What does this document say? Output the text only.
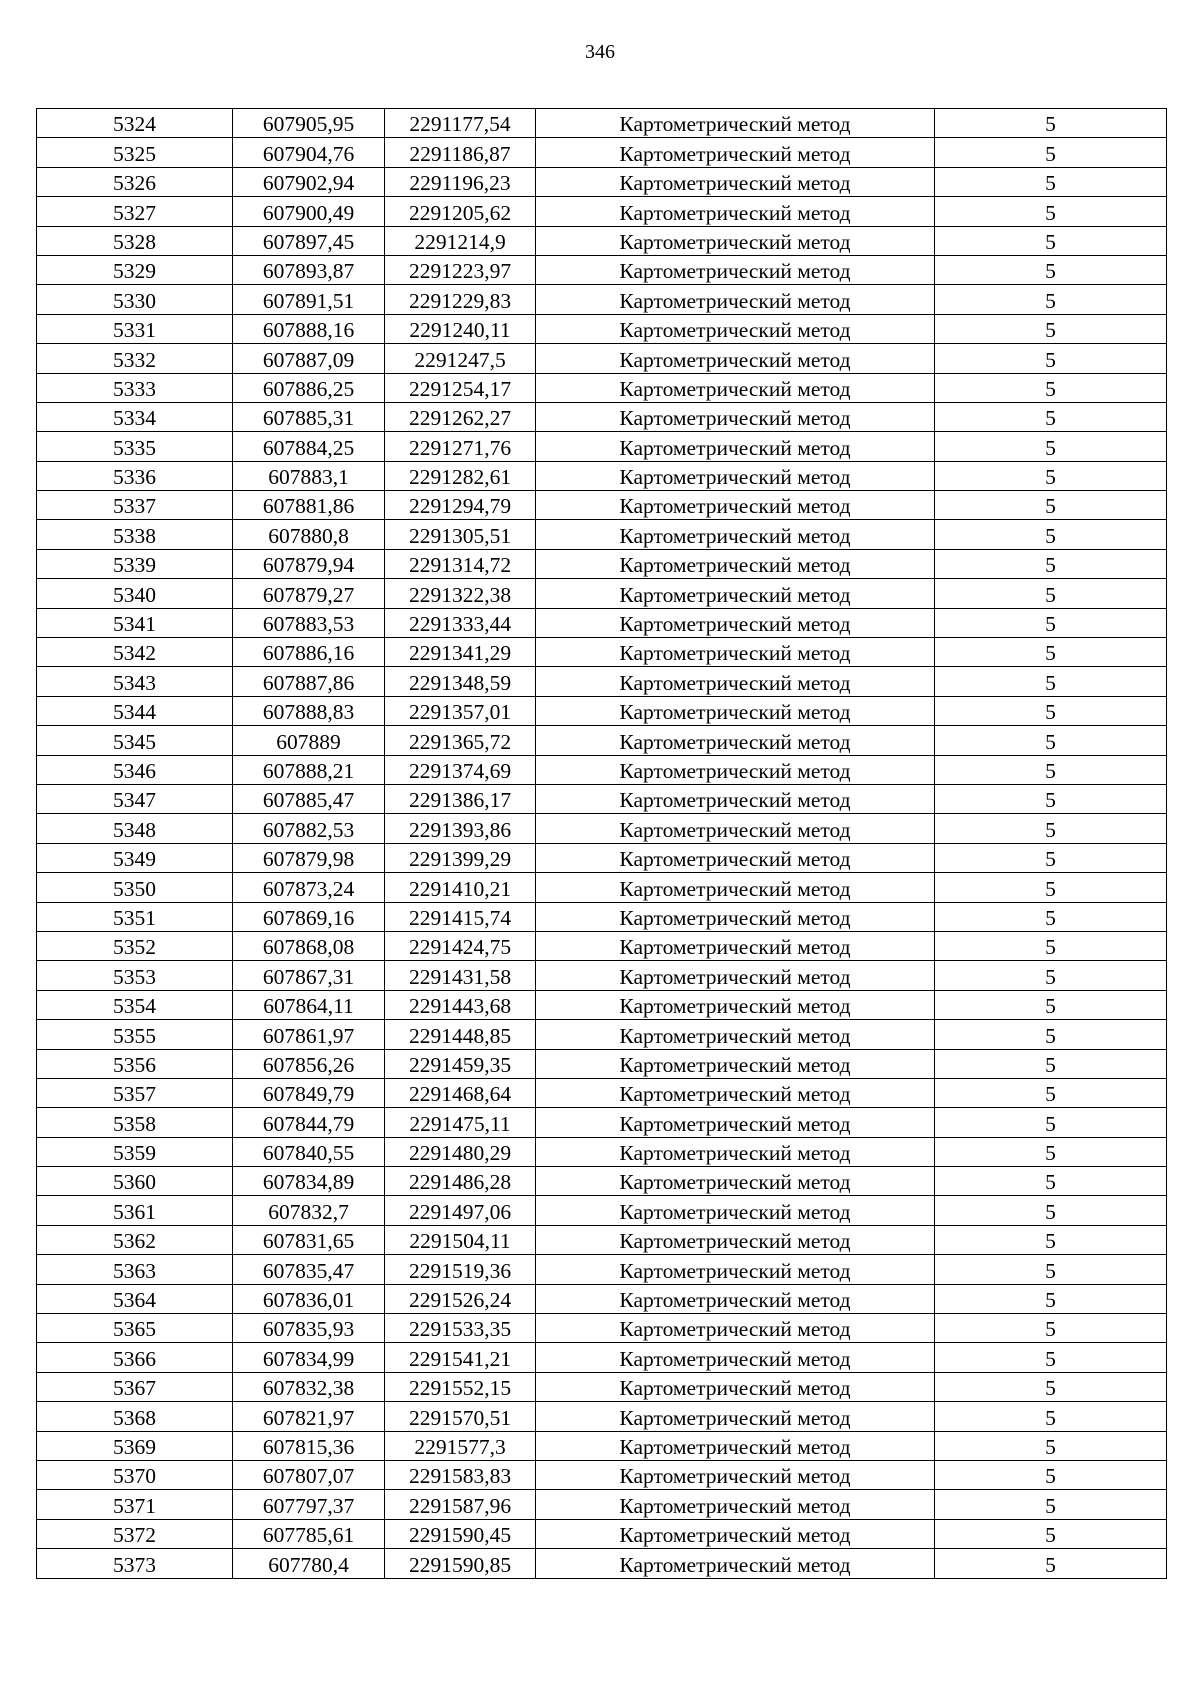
346
5324	607905,95	2291177,54	Картометрический метод	5
5325	607904,76	2291186,87	Картометрический метод	5
5326	607902,94	2291196,23	Картометрический метод	5
5327	607900,49	2291205,62	Картометрический метод	5
5328	607897,45	2291214,9	Картометрический метод	5
5329	607893,87	2291223,97	Картометрический метод	5
5330	607891,51	2291229,83	Картометрический метод	5
5331	607888,16	2291240,11	Картометрический метод	5
5332	607887,09	2291247,5	Картометрический метод	5
5333	607886,25	2291254,17	Картометрический метод	5
5334	607885,31	2291262,27	Картометрический метод	5
5335	607884,25	2291271,76	Картометрический метод	5
5336	607883,1	2291282,61	Картометрический метод	5
5337	607881,86	2291294,79	Картометрический метод	5
5338	607880,8	2291305,51	Картометрический метод	5
5339	607879,94	2291314,72	Картометрический метод	5
5340	607879,27	2291322,38	Картометрический метод	5
5341	607883,53	2291333,44	Картометрический метод	5
5342	607886,16	2291341,29	Картометрический метод	5
5343	607887,86	2291348,59	Картометрический метод	5
5344	607888,83	2291357,01	Картометрический метод	5
5345	607889	2291365,72	Картометрический метод	5
5346	607888,21	2291374,69	Картометрический метод	5
5347	607885,47	2291386,17	Картометрический метод	5
5348	607882,53	2291393,86	Картометрический метод	5
5349	607879,98	2291399,29	Картометрический метод	5
5350	607873,24	2291410,21	Картометрический метод	5
5351	607869,16	2291415,74	Картометрический метод	5
5352	607868,08	2291424,75	Картометрический метод	5
5353	607867,31	2291431,58	Картометрический метод	5
5354	607864,11	2291443,68	Картометрический метод	5
5355	607861,97	2291448,85	Картометрический метод	5
5356	607856,26	2291459,35	Картометрический метод	5
5357	607849,79	2291468,64	Картометрический метод	5
5358	607844,79	2291475,11	Картометрический метод	5
5359	607840,55	2291480,29	Картометрический метод	5
5360	607834,89	2291486,28	Картометрический метод	5
5361	607832,7	2291497,06	Картометрический метод	5
5362	607831,65	2291504,11	Картометрический метод	5
5363	607835,47	2291519,36	Картометрический метод	5
5364	607836,01	2291526,24	Картометрический метод	5
5365	607835,93	2291533,35	Картометрический метод	5
5366	607834,99	2291541,21	Картометрический метод	5
5367	607832,38	2291552,15	Картометрический метод	5
5368	607821,97	2291570,51	Картометрический метод	5
5369	607815,36	2291577,3	Картометрический метод	5
5370	607807,07	2291583,83	Картометрический метод	5
5371	607797,37	2291587,96	Картометрический метод	5
5372	607785,61	2291590,45	Картометрический метод	5
5373	607780,4	2291590,85	Картометрический метод	5
